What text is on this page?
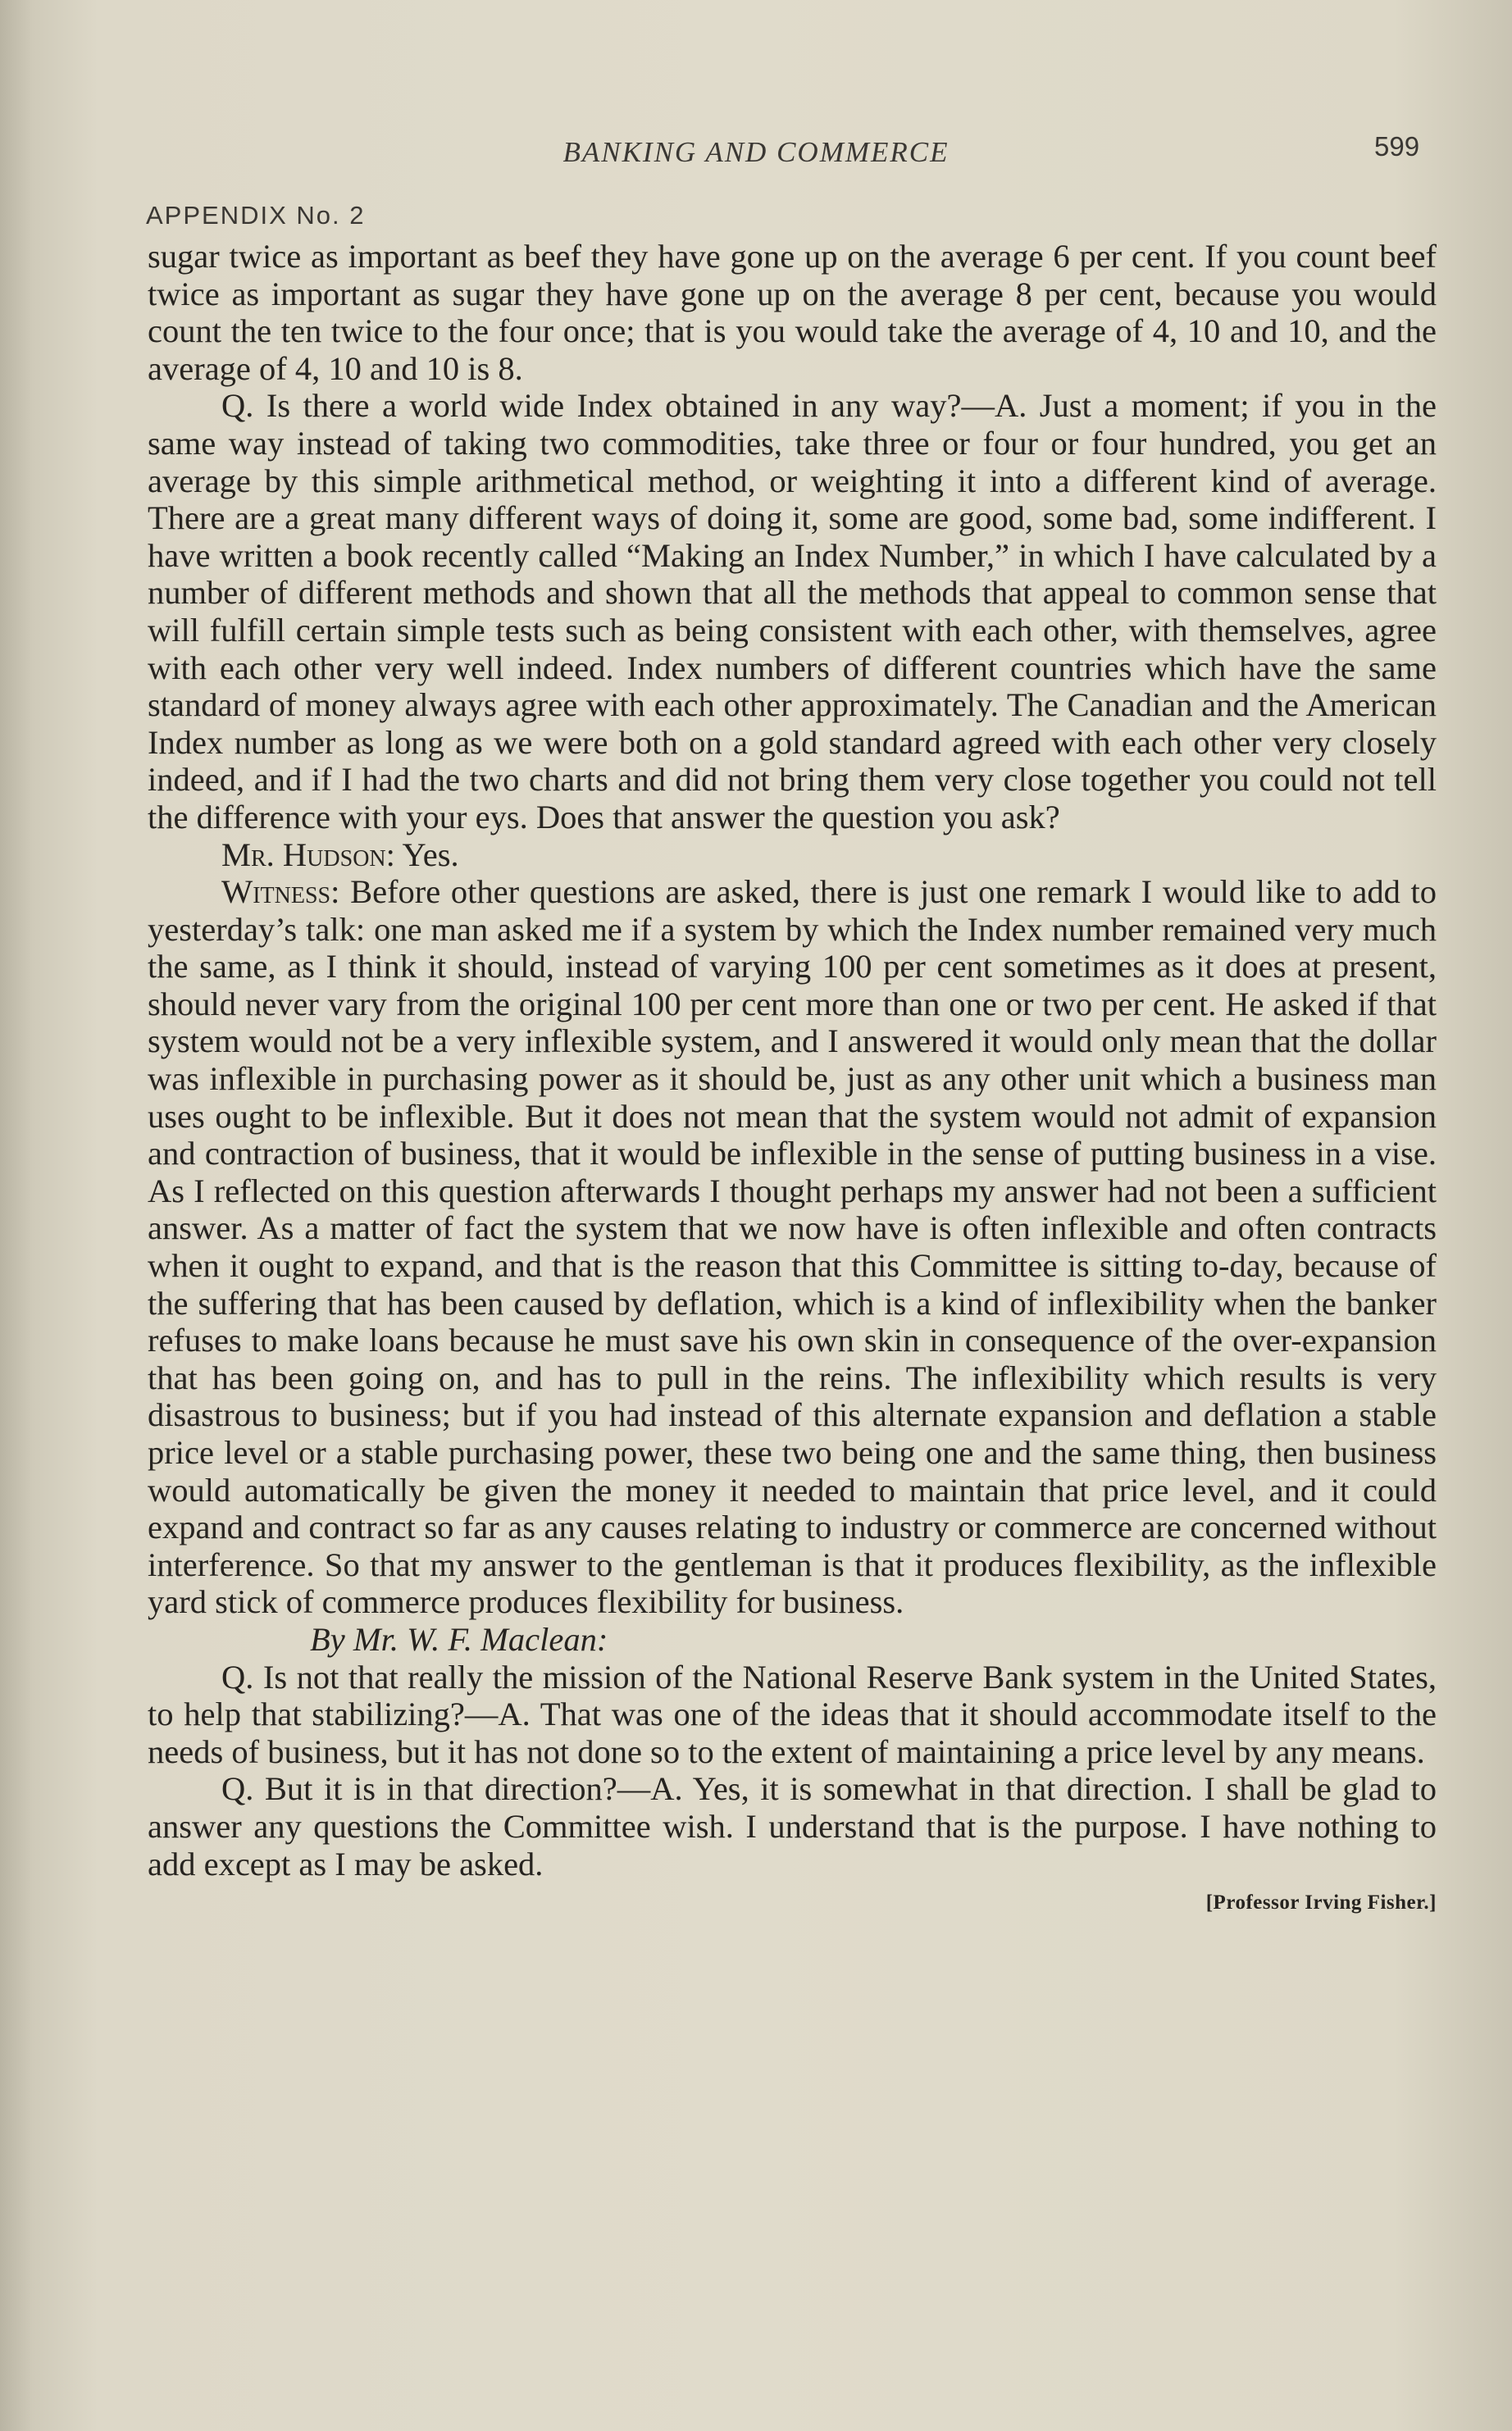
BANKING AND COMMERCE	599
APPENDIX No. 2

sugar twice as important as beef they have gone up on the average 6 per cent. If you count beef twice as important as sugar they have gone up on the average 8 per cent, because you would count the ten twice to the four once; that is you would take the average of 4, 10 and 10, and the average of 4, 10 and 10 is 8.

Q. Is there a world wide Index obtained in any way?—A. Just a moment; if you in the same way instead of taking two commodities, take three or four or four hundred, you get an average by this simple arithmetical method, or weighting it into a different kind of average. There are a great many different ways of doing it, some are good, some bad, some indifferent. I have written a book recently called “Making an Index Number,” in which I have calculated by a number of different methods and shown that all the methods that appeal to common sense that will fulfill certain simple tests such as being consistent with each other, with themselves, agree with each other very well indeed. Index numbers of different countries which have the same standard of money always agree with each other approximately. The Canadian and the American Index number as long as we were both on a gold standard agreed with each other very closely indeed, and if I had the two charts and did not bring them very close together you could not tell the difference with your eys. Does that answer the question you ask?

Mr. Hudson: Yes.

Witness: Before other questions are asked, there is just one remark I would like to add to yesterday’s talk: one man asked me if a system by which the Index number remained very much the same, as I think it should, instead of varying 100 per cent sometimes as it does at present, should never vary from the original 100 per cent more than one or two per cent. He asked if that system would not be a very inflexible system, and I answered it would only mean that the dollar was inflexible in purchasing power as it should be, just as any other unit which a business man uses ought to be inflexible. But it does not mean that the system would not admit of expansion and contraction of business, that it would be inflexible in the sense of putting business in a vise. As I reflected on this question afterwards I thought perhaps my answer had not been a sufficient answer. As a matter of fact the system that we now have is often inflexible and often contracts when it ought to expand, and that is the reason that this Committee is sitting to-day, because of the suffering that has been caused by deflation, which is a kind of inflexibility when the banker refuses to make loans because he must save his own skin in consequence of the over-expansion that has been going on, and has to pull in the reins. The inflexibility which results is very disastrous to business; but if you had instead of this alternate expansion and deflation a stable price level or a stable purchasing power, these two being one and the same thing, then business would automatically be given the money it needed to maintain that price level, and it could expand and contract so far as any causes relating to industry or commerce are concerned without interference. So that my answer to the gentleman is that it produces flexibility, as the inflexible yard stick of commerce produces flexibility for business.

By Mr. W. F. Maclean:

Q. Is not that really the mission of the National Reserve Bank system in the United States, to help that stabilizing?—A. That was one of the ideas that it should accommodate itself to the needs of business, but it has not done so to the extent of maintaining a price level by any means.

Q. But it is in that direction?—A. Yes, it is somewhat in that direction. I shall be glad to answer any questions the Committee wish. I understand that is the purpose. I have nothing to add except as I may be asked.

[Professor Irving Fisher.]
